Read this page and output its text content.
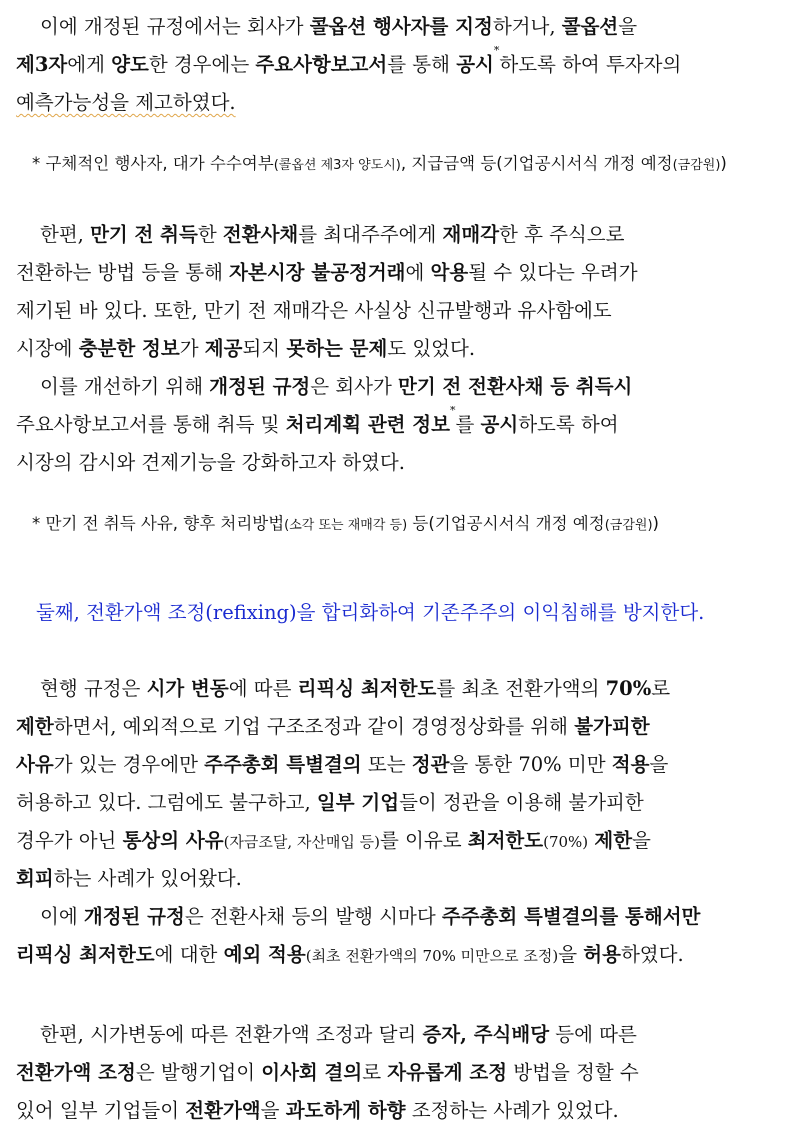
이에 개정된 규정에서는 회사가 콜옵션 행사자를 지정하거나, 콜옵션을
제3자에게 양도한 경우에는 주요사항보고서를 통해 공시*하도록 하여 투자자의
예측가능성을 제고하였다.
* 구체적인 행사자, 대가 수수여부(콜옵션 제3자 양도시), 지급금액 등(기업공시서식 개정 예정(금감원))
한편, 만기 전 취득한 전환사채를 최대주주에게 재매각한 후 주식으로
전환하는 방법 등을 통해 자본시장 불공정거래에 악용될 수 있다는 우려가
제기된 바 있다. 또한, 만기 전 재매각은 사실상 신규발행과 유사함에도
시장에 충분한 정보가 제공되지 못하는 문제도 있었다.
이를 개선하기 위해 개정된 규정은 회사가 만기 전 전환사채 등 취득시
주요사항보고서를 통해 취득 및 처리계획 관련 정보*를 공시하도록 하여
시장의 감시와 견제기능을 강화하고자 하였다.
* 만기 전 취득 사유, 향후 처리방법(소각 또는 재매각 등) 등(기업공시서식 개정 예정(금감원))
둘째, 전환가액 조정(refixing)을 합리화하여 기존주주의 이익침해를 방지한다.
현행 규정은 시가 변동에 따른 리픽싱 최저한도를 최초 전환가액의 70%로
제한하면서, 예외적으로 기업 구조조정과 같이 경영정상화를 위해 불가피한
사유가 있는 경우에만 주주총회 특별결의 또는 정관을 통한 70% 미만 적용을
허용하고 있다. 그럼에도 불구하고, 일부 기업들이 정관을 이용해 불가피한
경우가 아닌 통상의 사유(자금조달, 자산매입 등)를 이유로 최저한도(70%) 제한을
회피하는 사례가 있어왔다.
이에 개정된 규정은 전환사채 등의 발행 시마다 주주총회 특별결의를 통해서만
리픽싱 최저한도에 대한 예외 적용(최초 전환가액의 70% 미만으로 조정)을 허용하였다.
한편, 시가변동에 따른 전환가액 조정과 달리 증자, 주식배당 등에 따른
전환가액 조정은 발행기업이 이사회 결의로 자유롭게 조정 방법을 정할 수
있어 일부 기업들이 전환가액을 과도하게 하향 조정하는 사례가 있었다.
